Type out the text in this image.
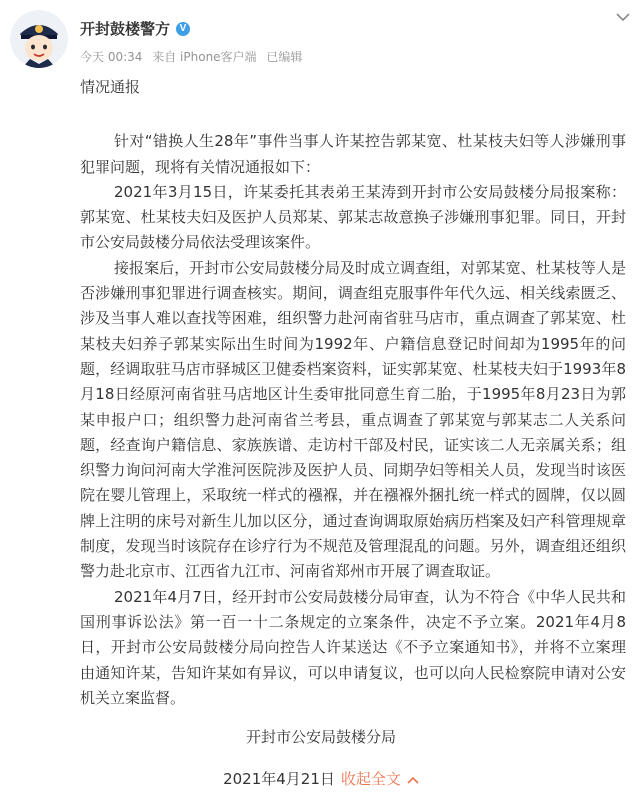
开封鼓楼警方 V
今天 00:34 来自 iPhone客户端 已编辑

情况通报

针对“错换人生28年”事件当事人许某控告郭某宽、杜某枝夫妇等人涉嫌刑事犯罪问题，现将有关情况通报如下：

2021年3月15日，许某委托其表弟王某涛到开封市公安局鼓楼分局报案称：郭某宽、杜某枝夫妇及医护人员郑某、郭某志故意换子涉嫌刑事犯罪。同日，开封市公安局鼓楼分局依法受理该案件。

接报案后，开封市公安局鼓楼分局及时成立调查组，对郭某宽、杜某枝等人是否涉嫌刑事犯罪进行调查核实。期间，调查组克服事件年代久远、相关线索匮乏、涉及当事人难以查找等困难，组织警力赴河南省驻马店市，重点调查了郭某宽、杜某枝夫妇养子郭某实际出生时间为1992年、户籍信息登记时间却为1995年的问题，经调取驻马店市驿城区卫健委档案资料，证实郭某宽、杜某枝夫妇于1993年8月18日经原河南省驻马店地区计生委审批同意生育二胎，于1995年8月23日为郭某申报户口；组织警力赴河南省兰考县，重点调查了郭某宽与郭某志二人关系问题，经查询户籍信息、家族族谱、走访村干部及村民，证实该二人无亲属关系；组织警力询问河南大学淮河医院涉及医护人员、同期孕妇等相关人员，发现当时该医院在婴儿管理上，采取统一样式的襁褓，并在襁褓外捆扎统一样式的圆牌，仅以圆牌上注明的床号对新生儿加以区分，通过查询调取原始病历档案及妇产科管理规章制度，发现当时该院存在诊疗行为不规范及管理混乱的问题。另外，调查组还组织警力赴北京市、江西省九江市、河南省郑州市开展了调查取证。

2021年4月7日，经开封市公安局鼓楼分局审查，认为不符合《中华人民共和国刑事诉讼法》第一百一十二条规定的立案条件，决定不予立案。2021年4月8日，开封市公安局鼓楼分局向控告人许某送达《不予立案通知书》，并将不立案理由通知许某，告知许某如有异议，可以申请复议，也可以向人民检察院申请对公安机关立案监督。

开封市公安局鼓楼分局
2021年4月21日 收起全文
